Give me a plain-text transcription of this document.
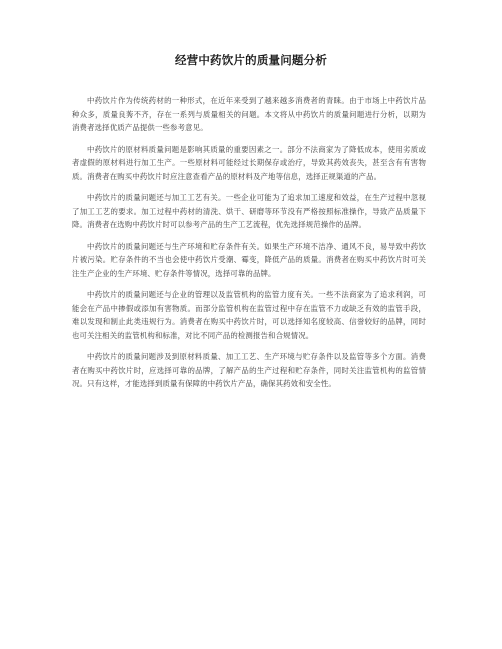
经营中药饮片的质量问题分析

中药饮片作为传统药材的一种形式，在近年来受到了越来越多消费者的青睐。由于市场上中药饮片品种众多，质量良莠不齐，存在一系列与质量相关的问题。本文将从中药饮片的质量问题进行分析，以期为消费者选择优质产品提供一些参考意见。

中药饮片的原材料质量问题是影响其质量的重要因素之一。部分不法商家为了降低成本，使用劣质或者虚假的原材料进行加工生产。一些原材料可能经过长期保存或治疗，导致其药效丧失，甚至含有有害物质。消费者在购买中药饮片时应注意查看产品的原材料及产地等信息，选择正规渠道的产品。

中药饮片的质量问题还与加工工艺有关。一些企业可能为了追求加工速度和效益，在生产过程中忽视了加工工艺的要求。加工过程中药材的清洗、烘干、研磨等环节没有严格按照标准操作，导致产品质量下降。消费者在选购中药饮片时可以参考产品的生产工艺流程，优先选择规范操作的品牌。

中药饮片的质量问题还与生产环境和贮存条件有关。如果生产环境不洁净、通风不良，易导致中药饮片被污染。贮存条件的不当也会使中药饮片受潮、霉变，降低产品的质量。消费者在购买中药饮片时可关注生产企业的生产环境、贮存条件等情况，选择可靠的品牌。

中药饮片的质量问题还与企业的管理以及监管机构的监管力度有关。一些不法商家为了追求利润，可能会在产品中掺假或添加有害物质。而部分监管机构在监管过程中存在监管不力或缺乏有效的监管手段，难以发现和制止此类违规行为。消费者在购买中药饮片时，可以选择知名度较高、信誉较好的品牌，同时也可关注相关的监管机构和标准，对比不同产品的检测报告和合规情况。

中药饮片的质量问题涉及到原材料质量、加工工艺、生产环境与贮存条件以及监管等多个方面。消费者在购买中药饮片时，应选择可靠的品牌，了解产品的生产过程和贮存条件，同时关注监管机构的监管情况。只有这样，才能选择到质量有保障的中药饮片产品，确保其药效和安全性。
